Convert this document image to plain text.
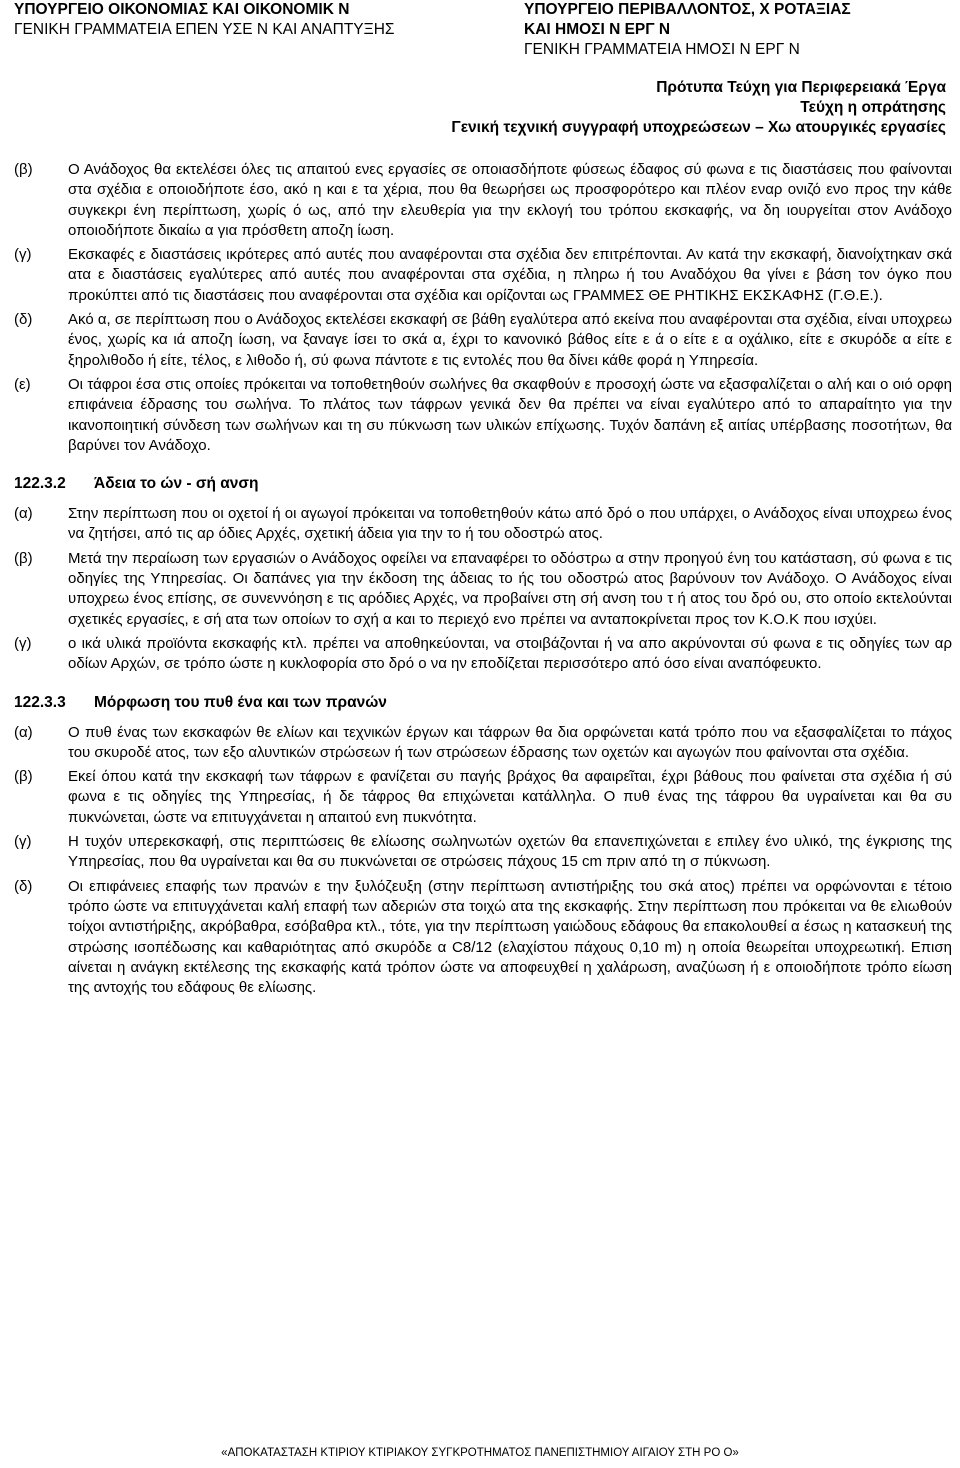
ΥΠΟΥΡΓΕΙΟ ΟΙΚΟΝΟΜΙΑΣ ΚΑΙ ΟΙΚΟΝΟΜΙΚ Ν
ΓΕΝΙΚΗ ΓΡΑΜΜΑΤΕΙΑ ΕΠΕΝ ΥΣΕ Ν ΚΑΙ ΑΝΑΠΤΥΞΗΣ
ΥΠΟΥΡΓΕΙΟ ΠΕΡΙΒΑΛΛΟΝΤΟΣ, Χ ΡΟΤΑΞΙΑΣ
ΚΑΙ ΗΜΟΣΙ Ν ΕΡΓ Ν
ΓΕΝΙΚΗ ΓΡΑΜΜΑΤΕΙΑ ΗΜΟΣΙ Ν ΕΡΓ Ν
Πρότυπα Τεύχη για Περιφερειακά Έργα
Τεύχη η οπράτησης
Γενική τεχνική συγγραφή υποχρεώσεων – Χω ατουργικές εργασίες
(β)	Ο Ανάδοχος θα εκτελέσει όλες τις απαιτού ενες εργασίες σε οποιασδήποτε φύσεως έδαφος σύ φωνα ε τις διαστάσεις που φαίνονται στα σχέδια ε οποιοδήποτε έσο, ακό η και ε τα χέρια, που θα θεωρήσει ως προσφορότερο και πλέον εναρ ονιζό ενο προς την κάθε συγκεκρι ένη περίπτωση, χωρίς ό ως, από την ελευθερία για την εκλογή του τρόπου εκσκαφής, να δη ιουργείται στον Ανάδοχο οποιοδήποτε δικαίω α για πρόσθετη αποζη ίωση.
(γ)	Εκσκαφές ε διαστάσεις ικρότερες από αυτές που αναφέρονται στα σχέδια δεν επιτρέπονται. Αν κατά την εκσκαφή, διανοίχτηκαν σκά ατα ε διαστάσεις εγαλύτερες από αυτές που αναφέρονται στα σχέδια, η πληρω ή του Αναδόχου θα γίνει ε βάση τον όγκο που προκύπτει από τις διαστάσεις που αναφέρονται στα σχέδια και ορίζονται ως ΓΡΑΜΜΕΣ ΘΕ ΡΗΤΙΚΗΣ ΕΚΣΚΑΦΗΣ (Γ.Θ.Ε.).
(δ)	Ακό α, σε περίπτωση που ο Ανάδοχος εκτελέσει εκσκαφή σε βάθη εγαλύτερα από εκείνα που αναφέρονται στα σχέδια, είναι υποχρεω ένος, χωρίς κα ιά αποζη ίωση, να ξαναγε ίσει το σκά α, έχρι το κανονικό βάθος είτε ε ά ο είτε ε α οχάλικο, είτε ε σκυρόδε α είτε ε ξηρολιθοδο ή είτε, τέλος, ε λιθοδο ή, σύ φωνα πάντοτε ε τις εντολές που θα δίνει κάθε φορά η Υπηρεσία.
(ε)	Οι τάφροι έσα στις οποίες πρόκειται να τοποθετηθούν σωλήνες θα σκαφθούν ε προσοχή ώστε να εξασφαλίζεται ο αλή και ο οιό ορφη επιφάνεια έδρασης του σωλήνα. Το πλάτος των τάφρων γενικά δεν θα πρέπει να είναι εγαλύτερο από το απαραίτητο για την ικανοποιητική σύνδεση των σωλήνων και τη συ πύκνωση των υλικών επίχωσης. Τυχόν δαπάνη εξ αιτίας υπέρβασης ποσοτήτων, θα βαρύνει τον Ανάδοχο.
122.3.2	Άδεια το ών - σή ανση
(α)	Στην περίπτωση που οι οχετοί ή οι αγωγοί πρόκειται να τοποθετηθούν κάτω από δρό ο που υπάρχει, ο Ανάδοχος είναι υποχρεω ένος να ζητήσει, από τις αρ όδιες Αρχές, σχετική άδεια για την το ή του οδοστρώ ατος.
(β)	Μετά την περαίωση των εργασιών ο Ανάδοχος οφείλει να επαναφέρει το οδόστρω α στην προηγού ένη του κατάσταση, σύ φωνα ε τις οδηγίες της Υπηρεσίας. Οι δαπάνες για την έκδοση της άδειας το ής του οδοστρώ ατος βαρύνουν τον Ανάδοχο. Ο Ανάδοχος είναι υποχρεω ένος επίσης, σε συνεννόηση ε τις αρόδιες Αρχές, να προβαίνει στη σή ανση του τ ή ατος του δρό ου, στο οποίο εκτελούνται σχετικές εργασίες, ε σή ατα των οποίων το σχή α και το περιεχό ενο πρέπει να ανταποκρίνεται προς τον Κ.Ο.Κ που ισχύει.
(γ)	ο ικά υλικά προϊόντα εκσκαφής κτλ. πρέπει να αποθηκεύονται, να στοιβάζονται ή να απο ακρύνονται σύ φωνα ε τις οδηγίες των αρ οδίων Αρχών, σε τρόπο ώστε η κυκλοφορία στο δρό ο να ην εποδίζεται περισσότερο από όσο είναι αναπόφευκτο.
122.3.3	Μόρφωση του πυθ ένα και των πρανών
(α)	Ο πυθ ένας των εκσκαφών θε ελίων και τεχνικών έργων και τάφρων θα δια ορφώνεται κατά τρόπο που να εξασφαλίζεται το πάχος του σκυροδέ ατος, των εξο αλυντικών στρώσεων ή των στρώσεων έδρασης των οχετών και αγωγών που φαίνονται στα σχέδια.
(β)	Εκεί όπου κατά την εκσκαφή των τάφρων ε φανίζεται συ παγής βράχος θα αφαιρεῖται, έχρι βάθους που φαίνεται στα σχέδια ή σύ φωνα ε τις οδηγίες της Υπηρεσίας, ή δε τάφρος θα επιχώνεται κατάλληλα. Ο πυθ ένας της τάφρου θα υγραίνεται και θα συ πυκνώνεται, ώστε να επιτυγχάνεται η απαιτού ενη πυκνότητα.
(γ)	Η τυχόν υπερεκσκαφή, στις περιπτώσεις θε ελίωσης σωληνωτών οχετών θα επανεπιχώνεται ε επιλεγ ένο υλικό, της έγκρισης της Υπηρεσίας, που θα υγραίνεται και θα συ πυκνώνεται σε στρώσεις πάχους 15 cm πριν από τη σ πύκνωση.
(δ)	Οι επιφάνειες επαφής των πρανών ε την ξυλόζευξη (στην περίπτωση αντιστήριξης του σκά ατος) πρέπει να ορφώνονται ε τέτοιο τρόπο ώστε να επιτυγχάνεται καλή επαφή των αδεριών στα τοιχώ ατα της εκσκαφής. Στην περίπτωση που πρόκειται να θε ελιωθούν τοίχοι αντιστήριξης, ακρόβαθρα, εσόβαθρα κτλ., τότε, για την περίπτωση γαιώδους εδάφους θα επακολουθεί α έσως η κατασκευή της στρώσης ισοπέδωσης και καθαριότητας από σκυρόδε α C8/12 (ελαχίστου πάχους 0,10 m) η οποία θεωρείται υποχρεωτική. Επιση αίνεται η ανάγκη εκτέλεσης της εκσκαφής κατά τρόπον ώστε να αποφευχθεί η χαλάρωση, αναζύωση ή ε οποιοδήποτε τρόπο είωση της αντοχής του εδάφους θε ελίωσης.
«ΑΠΟΚΑΤΑΣΤΑΣΗ ΚΤΙΡΙΟΥ ΚΤΙΡΙΑΚΟΥ ΣΥΓΚΡΟΤΗΜΑΤΟΣ ΠΑΝΕΠΙΣΤΗΜΙΟΥ ΑΙΓΑΙΟΥ ΣΤΗ ΡΟ Ο»
